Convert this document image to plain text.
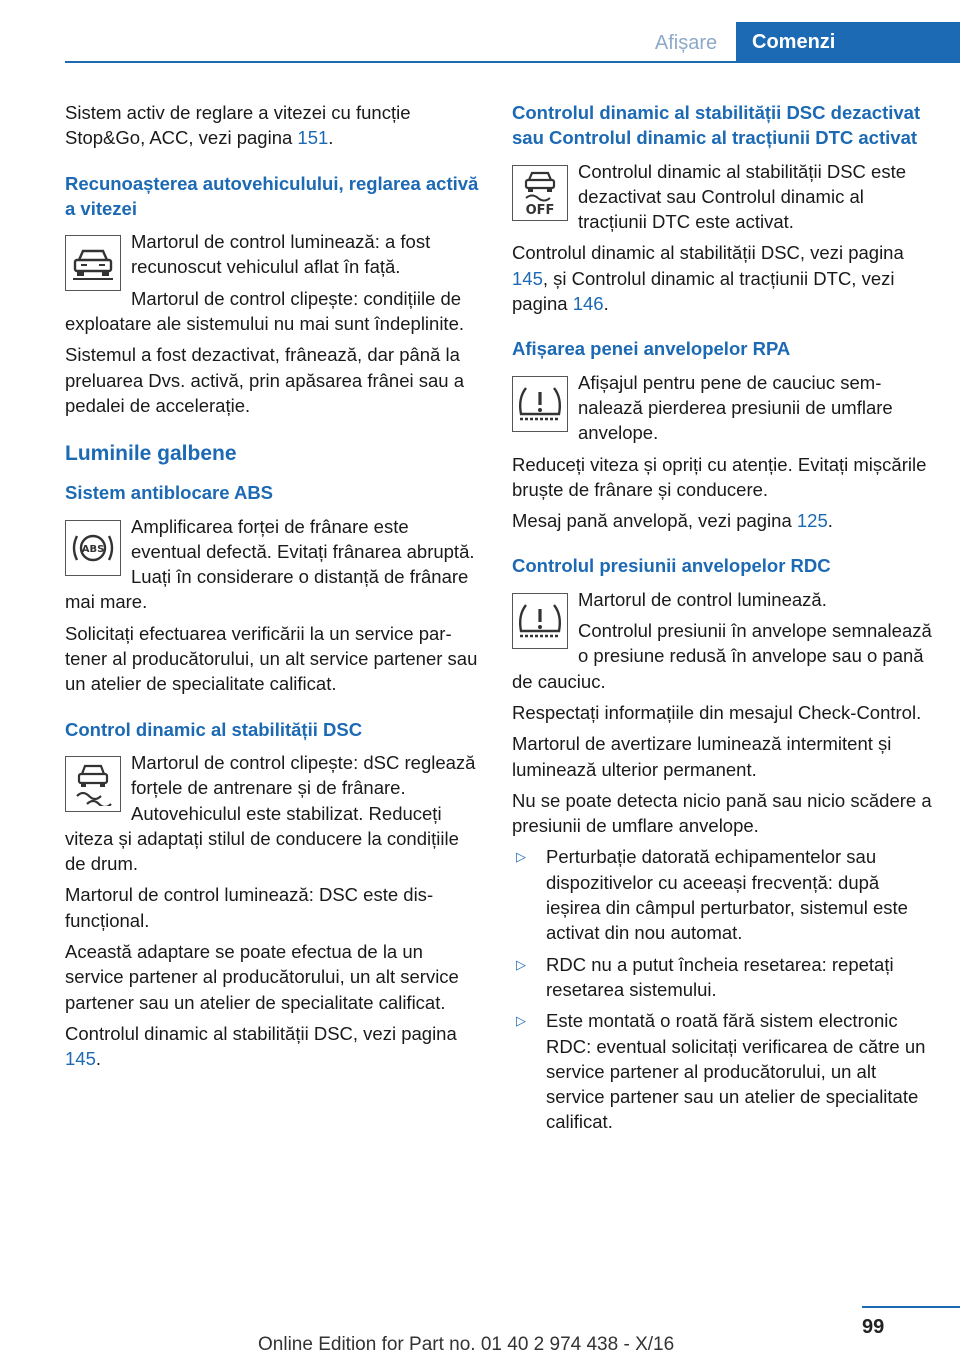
Afișare	Comenzi

Sistem activ de reglare a vitezei cu funcție Stop&Go, ACC, vezi pagina 151.

Recunoașterea autovehiculului, reglarea activă a vitezei

Martorul de control luminează: a fost recunoscut vehiculul aflat în față.

Martorul de control clipește: condițiile de exploatare ale sistemului nu mai sunt îndeplinite.

Sistemul a fost dezactivat, frânează, dar până la preluarea Dvs. activă, prin apăsarea frânei sau a pedalei de accelerație.

Luminile galbene
Sistem antiblocare ABS
ABS

Amplificarea forței de frânare este eventual defectă. Evitați frânarea abruptă. Luați în considerare o distanță de frânare mai mare.

Solicitați efectuarea verificării la un service partener al producătorului, un alt service partener sau un atelier de specialitate calificat.

Control dinamic al stabilității DSC

Martorul de control clipește: dSC reglează forțele de antrenare și de frânare. Autovehiculul este stabilizat. Reduceți viteza și adaptați stilul de conducere la condițiile de drum.

Martorul de control luminează: DSC este disfuncțional.

Această adaptare se poate efectua de la un service partener al producătorului, un alt service partener sau un atelier de specialitate calificat.

Controlul dinamic al stabilității DSC, vezi pagina 145.

Controlul dinamic al stabilității DSC dezactivat sau Controlul dinamic al tracțiunii DTC activat
OFF

Controlul dinamic al stabilității DSC este dezactivat sau Controlul dinamic al tracțiunii DTC este activat.

Controlul dinamic al stabilității DSC, vezi pagina 145, și Controlul dinamic al tracțiunii DTC, vezi pagina 146.

Afișarea penei anvelopelor RPA

Afișajul pentru pene de cauciuc semnalează pierderea presiunii de umflare anvelope.

Reduceți viteza și opriți cu atenție. Evitați mișcările bruște de frânare și conducere.

Mesaj pană anvelopă, vezi pagina 125.

Controlul presiunii anvelopelor RDC

Martorul de control luminează.

Controlul presiunii în anvelope semnalează o presiune redusă în anvelope sau o pană de cauciuc.

Respectați informațiile din mesajul Check-Control.

Martorul de avertizare luminează intermitent și luminează ulterior permanent.

Nu se poate detecta nicio pană sau nicio scădere a presiunii de umflare anvelope.

▷ Perturbație datorată echipamentelor sau dispozitivelor cu aceeași frecvență: după ieșirea din câmpul perturbator, sistemul este activat din nou automat.
▷ RDC nu a putut încheia resetarea: repetați resetarea sistemului.
▷ Este montată o roată fără sistem electronic RDC: eventual solicitați verificarea de către un service partener al producătorului, un alt service partener sau un atelier de specialitate calificat.
99
Online Edition for Part no. 01 40 2 974 438 - X/16
